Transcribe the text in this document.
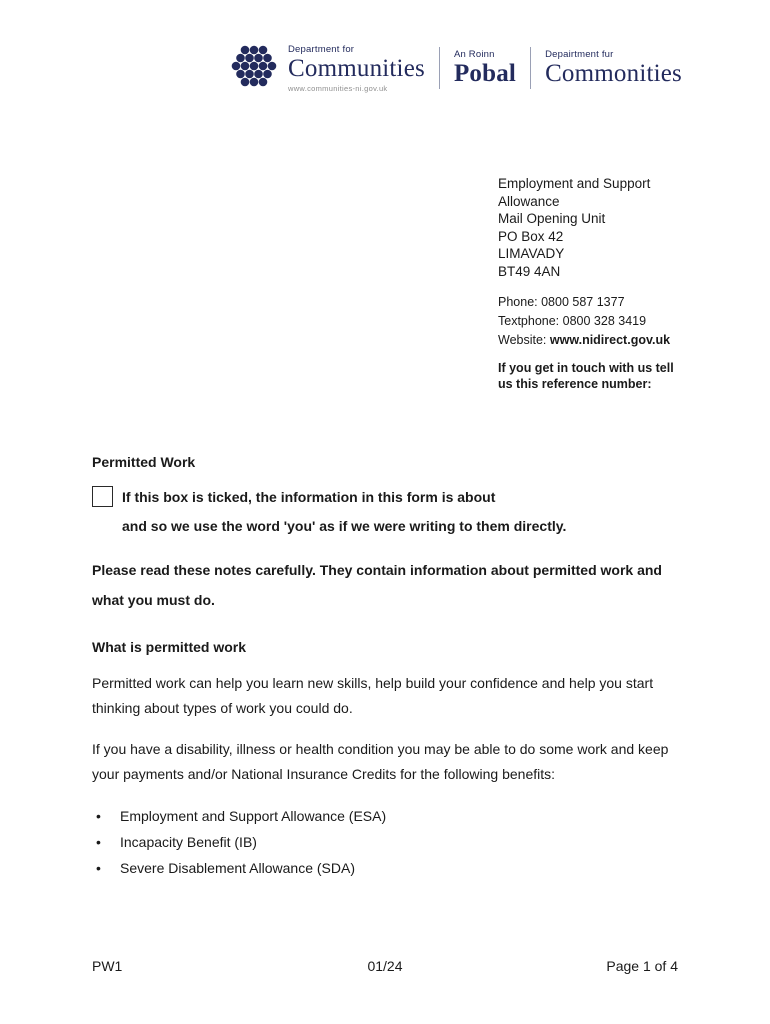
Department for
Communities
www.communities-ni.gov.uk
An Roinn
Pobal
Depairtment fur
Commonities
Employment and Support
Allowance
Mail Opening Unit
PO Box 42
LIMAVADY
BT49 4AN
Phone: 0800 587 1377
Textphone: 0800 328 3419
Website: www.nidirect.gov.uk
If you get in touch with us tell us this reference number:
Permitted Work
If this box is ticked, the information in this form is about
and so we use the word 'you' as if we were writing to them directly.

Please read these notes carefully. They contain information about permitted work and what you must do.

What is permitted work

Permitted work can help you learn new skills, help build your confidence and help you start thinking about types of work you could do.

If you have a disability, illness or health condition you may be able to do some work and keep your payments and/or National Insurance Credits for the following benefits:

• Employment and Support Allowance (ESA)
• Incapacity Benefit (IB)
• Severe Disablement Allowance (SDA)
01/24
PW1	Page 1 of 4
